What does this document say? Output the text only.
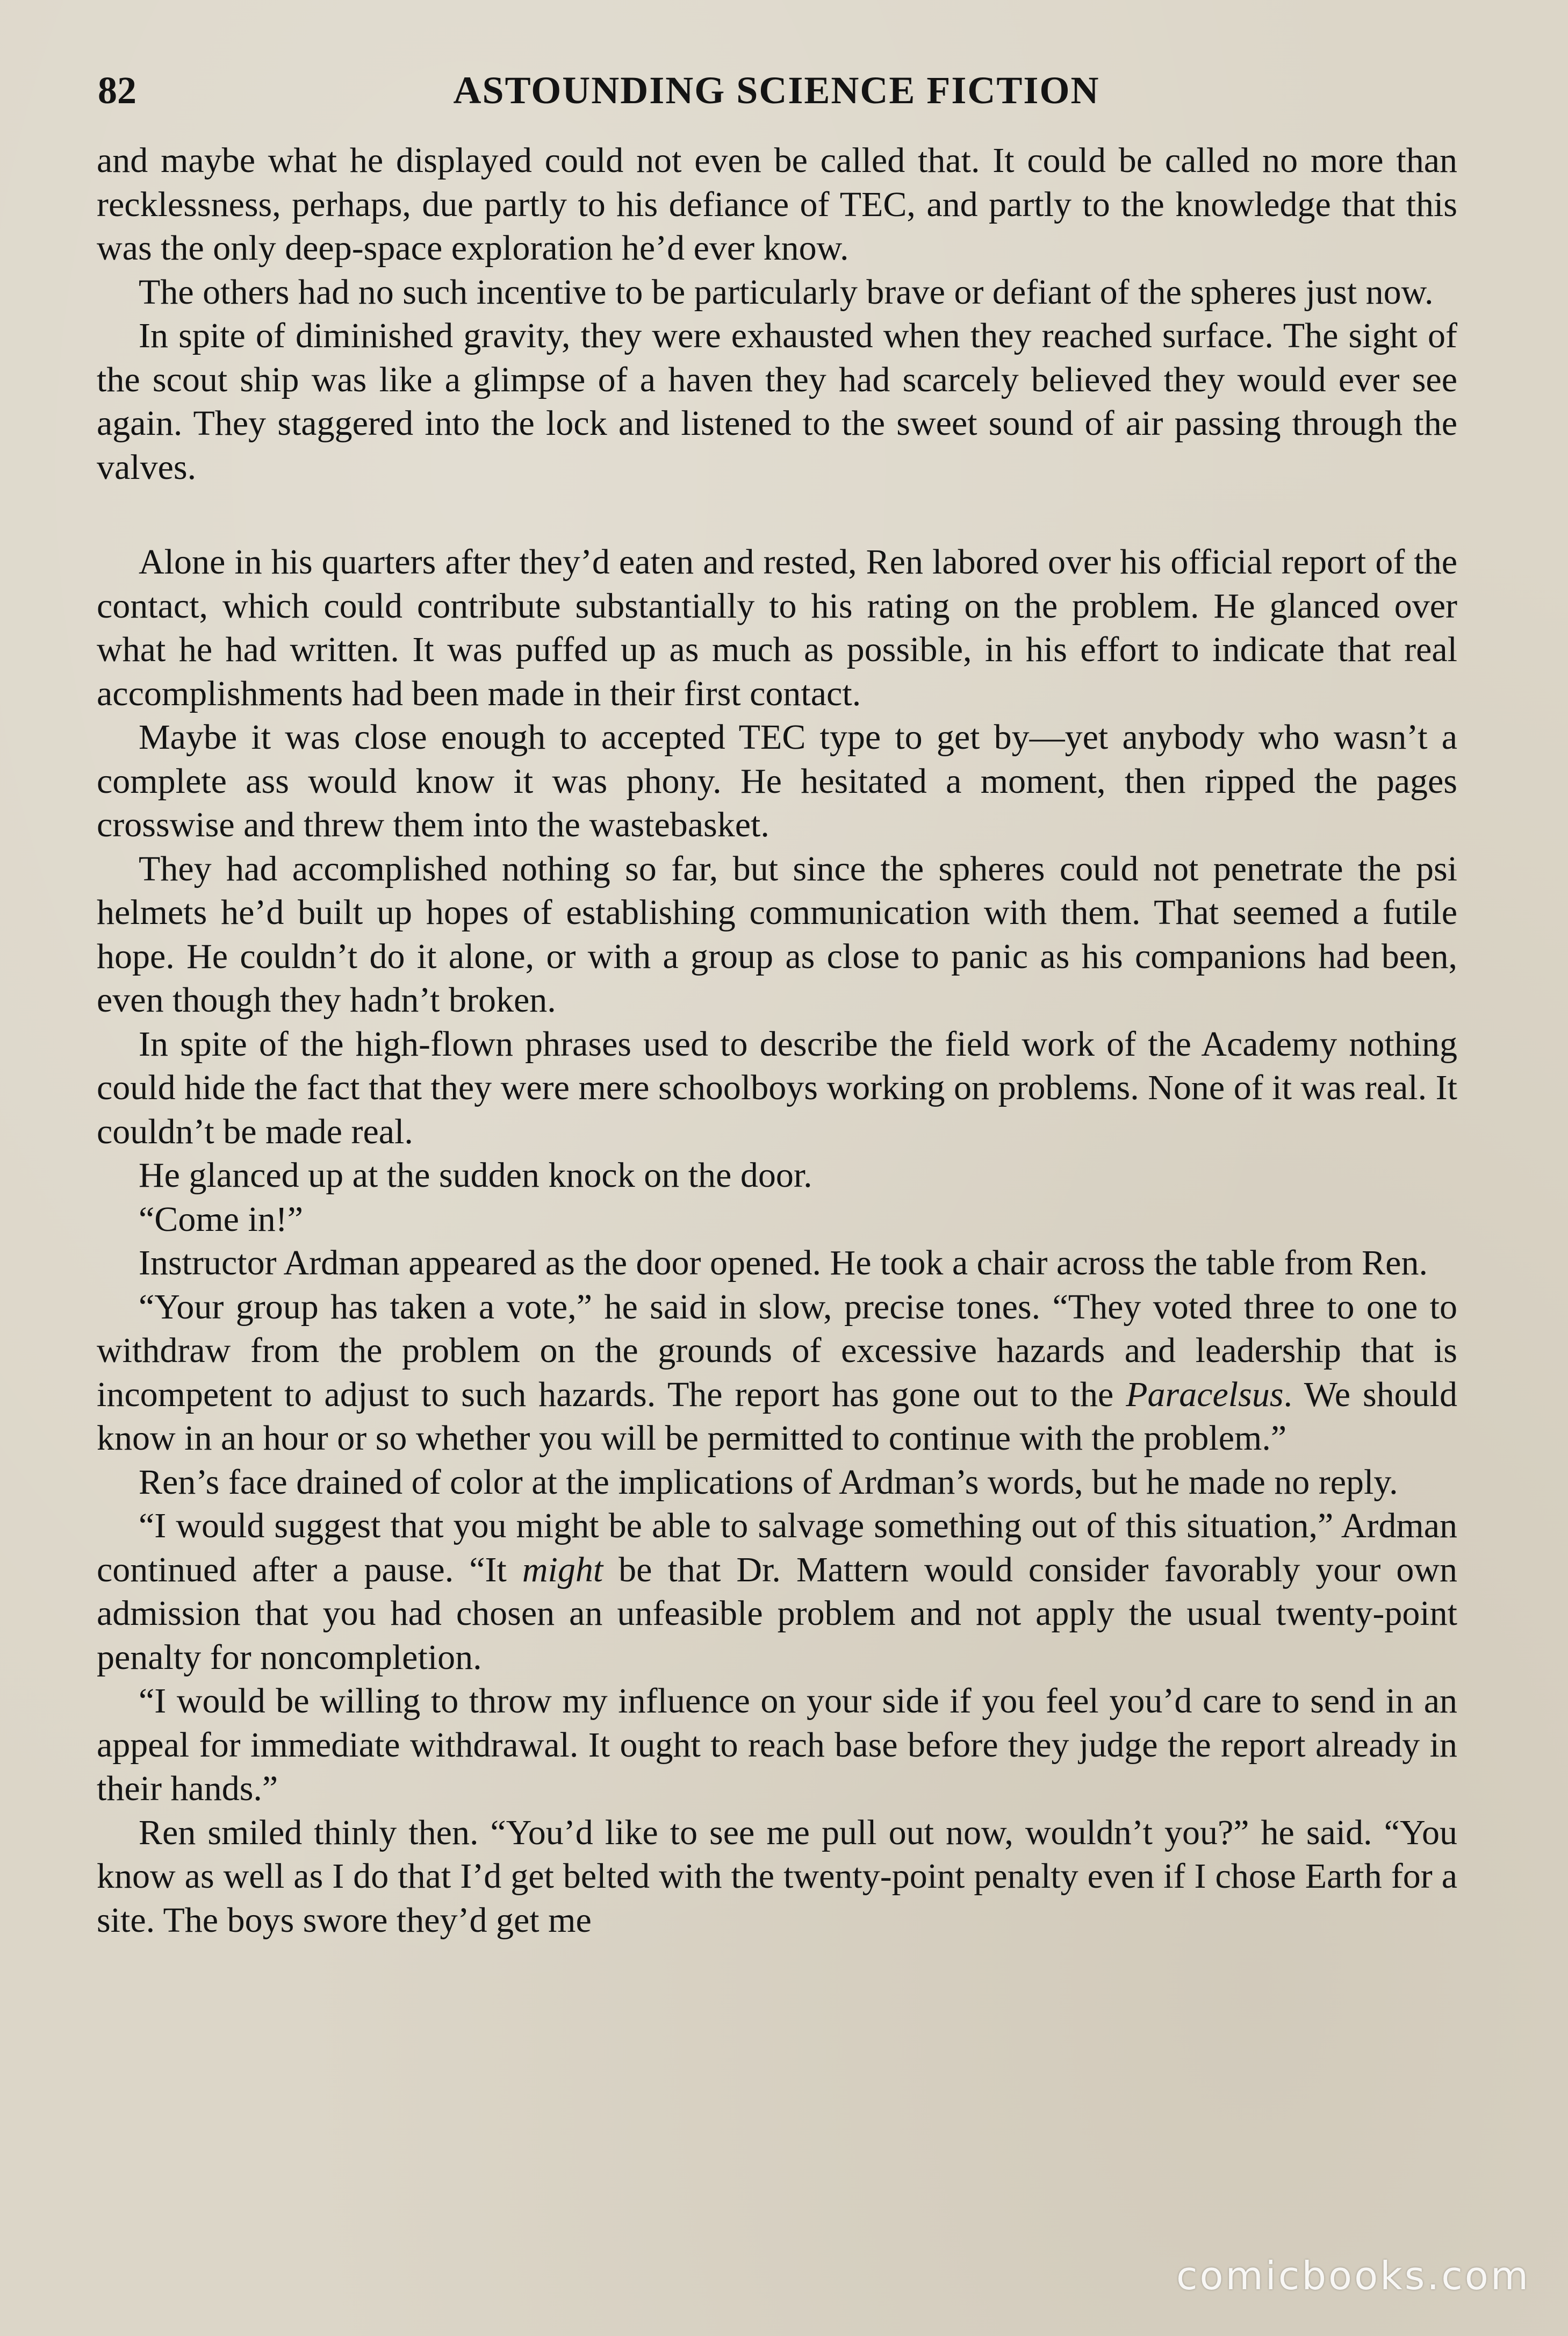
82	ASTOUNDING SCIENCE FICTION

and maybe what he displayed could not even be called that. It could be called no more than recklessness, perhaps, due partly to his defiance of TEC, and partly to the knowledge that this was the only deep-space exploration he’d ever know.

The others had no such incentive to be particularly brave or defiant of the spheres just now.

In spite of diminished gravity, they were exhausted when they reached surface. The sight of the scout ship was like a glimpse of a haven they had scarcely believed they would ever see again. They staggered into the lock and listened to the sweet sound of air passing through the valves.

Alone in his quarters after they’d eaten and rested, Ren labored over his official report of the contact, which could contribute substantially to his rating on the problem. He glanced over what he had written. It was puffed up as much as possible, in his effort to indicate that real accomplishments had been made in their first contact.

Maybe it was close enough to accepted TEC type to get by—yet anybody who wasn’t a complete ass would know it was phony. He hesitated a moment, then ripped the pages crosswise and threw them into the wastebasket.

They had accomplished nothing so far, but since the spheres could not penetrate the psi helmets he’d built up hopes of establishing communication with them. That seemed a futile hope. He couldn’t do it alone, or with a group as close to panic as his companions had been, even though they hadn’t broken.

In spite of the high-flown phrases used to describe the field work of the Academy nothing could hide the fact that they were mere schoolboys working on problems. None of it was real. It couldn’t be made real.

He glanced up at the sudden knock on the door.

“Come in!”

Instructor Ardman appeared as the door opened. He took a chair across the table from Ren.

“Your group has taken a vote,” he said in slow, precise tones. “They voted three to one to withdraw from the problem on the grounds of excessive hazards and leadership that is incompetent to adjust to such hazards. The report has gone out to the Paracelsus. We should know in an hour or so whether you will be permitted to continue with the problem.”

Ren’s face drained of color at the implications of Ardman’s words, but he made no reply.

“I would suggest that you might be able to salvage something out of this situation,” Ardman continued after a pause. “It might be that Dr. Mattern would consider favorably your own admission that you had chosen an unfeasible problem and not apply the usual twenty-point penalty for noncompletion.

“I would be willing to throw my influence on your side if you feel you’d care to send in an appeal for immediate withdrawal. It ought to reach base before they judge the report already in their hands.”

Ren smiled thinly then. “You’d like to see me pull out now, wouldn’t you?” he said. “You know as well as I do that I’d get belted with the twenty-point penalty even if I chose Earth for a site. The boys swore they’d get me

comicbooks.com
